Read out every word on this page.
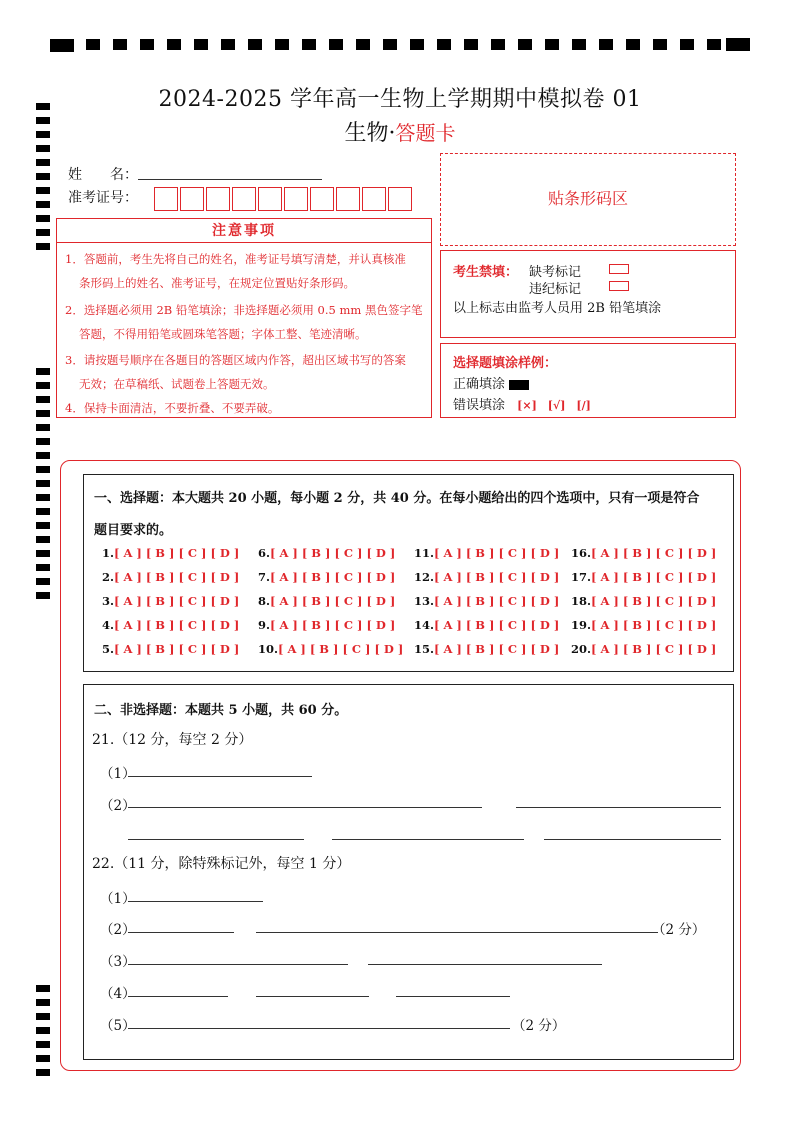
2024-2025 学年高一生物上学期期中模拟卷 01
生物·答题卡
姓　　名：
准考证号：	贴条形码区
注意事项
1．答题前，考生先将自己的姓名，准考证号填写清楚，并认真核准
条形码上的姓名、准考证号，在规定位置贴好条形码。
2．选择题必须用 2B 铅笔填涂；非选择题必须用 0.5 mm 黑色签字笔
答题，不得用铅笔或圆珠笔答题；字体工整、笔迹清晰。
3．请按题号顺序在各题目的答题区域内作答，超出区域书写的答案
无效；在草稿纸、试题卷上答题无效。
4．保持卡面清洁，不要折叠、不要弄破。
考生禁填： 缺考标记
违纪标记
以上标志由监考人员用 2B 铅笔填涂
选择题填涂样例：
正确填涂
错误填涂 [×]　[√]　[/]
一、选择题：本大题共 20 小题，每小题 2 分，共 40 分。在每小题给出的四个选项中，只有一项是符合
题目要求的。
1.[ A ] [ B ] [ C ] [ D ]
2.[ A ] [ B ] [ C ] [ D ]
3.[ A ] [ B ] [ C ] [ D ]
4.[ A ] [ B ] [ C ] [ D ]
5.[ A ] [ B ] [ C ] [ D ]
6.[ A ] [ B ] [ C ] [ D ]
7.[ A ] [ B ] [ C ] [ D ]
8.[ A ] [ B ] [ C ] [ D ]
9.[ A ] [ B ] [ C ] [ D ]
10.[ A ] [ B ] [ C ] [ D ]
11.[ A ] [ B ] [ C ] [ D ]
12.[ A ] [ B ] [ C ] [ D ]
13.[ A ] [ B ] [ C ] [ D ]
14.[ A ] [ B ] [ C ] [ D ]
15.[ A ] [ B ] [ C ] [ D ]
16.[ A ] [ B ] [ C ] [ D ]
17.[ A ] [ B ] [ C ] [ D ]
18.[ A ] [ B ] [ C ] [ D ]
19.[ A ] [ B ] [ C ] [ D ]
20.[ A ] [ B ] [ C ] [ D ]
二、非选择题：本题共 5 小题，共 60 分。
21.（12 分，每空 2 分）
（1）
（2）
22.（11 分，除特殊标记外，每空 1 分）
（1）
（2）	（2 分）
（3）
（4）
（5）	（2 分）
